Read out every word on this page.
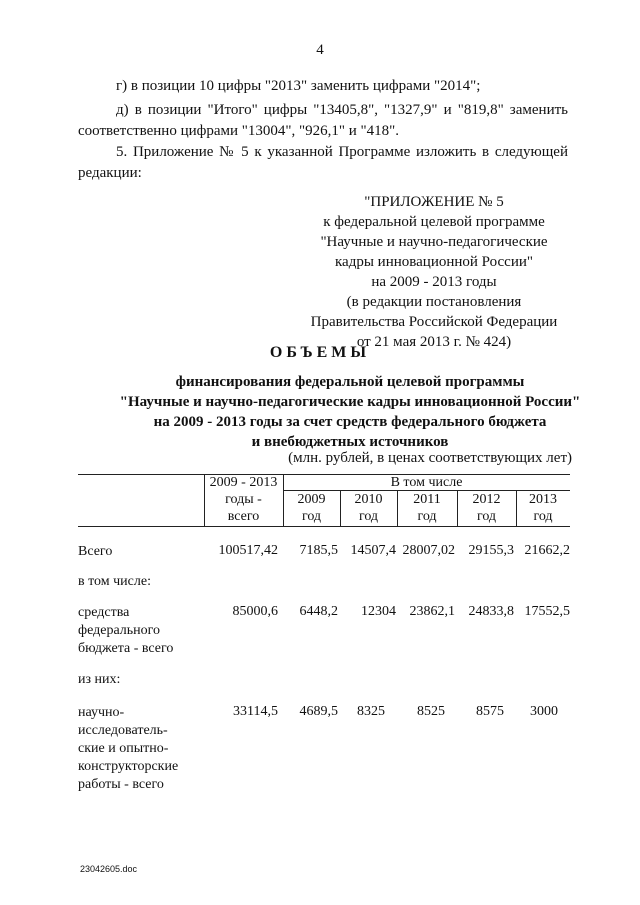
4
г) в позиции 10 цифры "2013" заменить цифрами "2014";
д) в позиции "Итого" цифры "13405,8", "1327,9" и "819,8" заменить
соответственно цифрами "13004", "926,1" и "418".
5. Приложение № 5 к указанной Программе изложить в следующей
редакции:
"ПРИЛОЖЕНИЕ № 5
к федеральной целевой программе
"Научные и научно-педагогические
кадры инновационной России"
на 2009 - 2013 годы
(в редакции постановления
Правительства Российской Федерации
от 21 мая 2013 г. № 424)
ОБЪЕМЫ
финансирования федеральной целевой программы
"Научные и научно-педагогические кадры инновационной России"
на 2009 - 2013 годы за счет средств федерального бюджета
и внебюджетных источников
(млн. рублей, в ценах соответствующих лет)
2009 - 2013
годы -
всего
В том числе
2009
год
2010
год
2011
год
2012
год
2013
год
Всего	100517,42 7185,5 14507,4 28007,02 29155,3 21662,2
в том числе:
средства
федерального
бюджета - всего
85000,6 6448,2 12304 23862,1 24833,8 17552,5
из них:
научно-
исследователь-
ские и опытно-
конструкторские
работы - всего
33114,5 4689,5 8325 8525 8575 3000
23042605.doc
